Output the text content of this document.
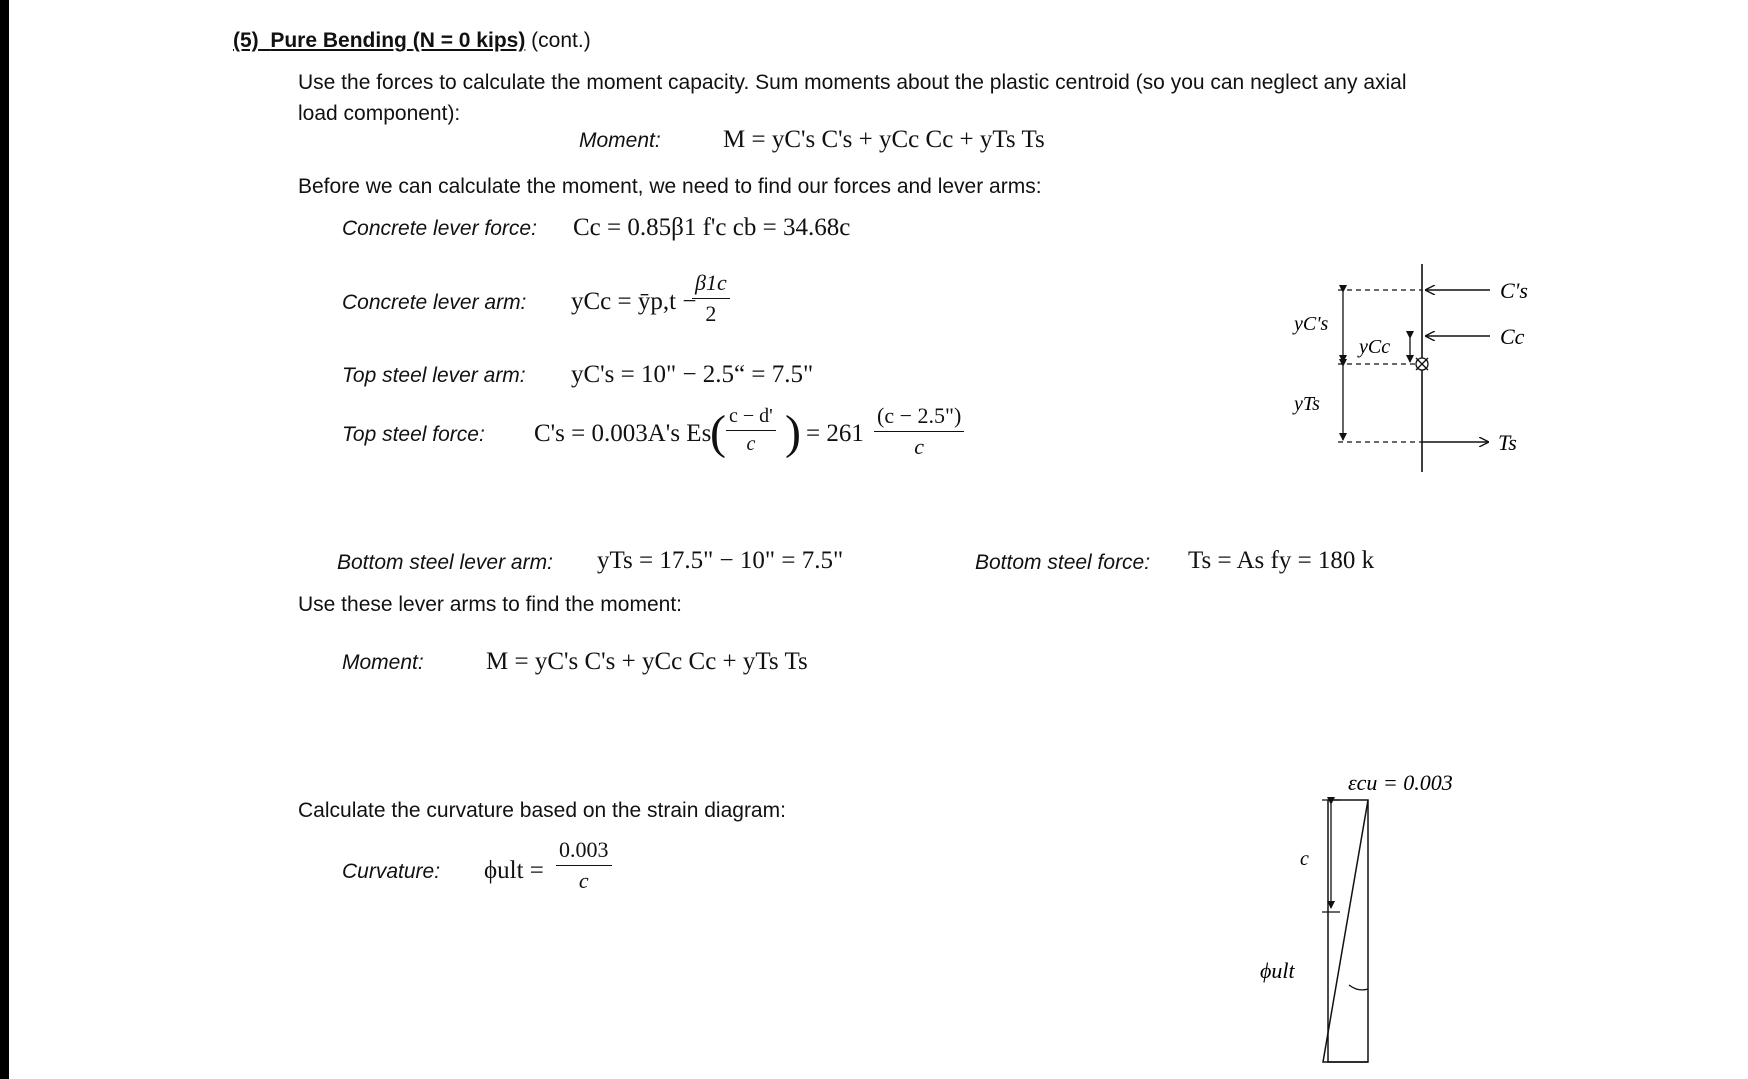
(5) Pure Bending (N = 0 kips) (cont.)
Use the forces to calculate the moment capacity. Sum moments about the plastic centroid (so you can neglect any axial
load component):
Moment: M = yC's C's + yCc Cc + yTs Ts
Before we can calculate the moment, we need to find our forces and lever arms:
Concrete lever force: Cc = 0.85β1 f'c cb = 34.68c
Concrete lever arm: yCc = ȳp,t −
$\frac{\beta 1c}{2}$
Top steel lever arm: yC's = 10" − 2.5“ = 7.5"
Top steel force: C's = 0.003A's Es
( $\frac{c - d'}{c}$ ) = $261 \frac{(c - 2.5")}{c}$
Bottom steel lever arm: yTs = 17.5" − 10" = 7.5"	Bottom steel force: Ts = As fy = 180 k
Use these lever arms to find the moment:
Moment: M = yC's C's + yCc Cc + yTs Ts
Calculate the curvature based on the strain diagram:
Curvature: $\phi ult = \frac{0.003}{c}$
C's
Cc
Ts
yC's
yCc
yTs
εcu = 0.003
c
ϕult
